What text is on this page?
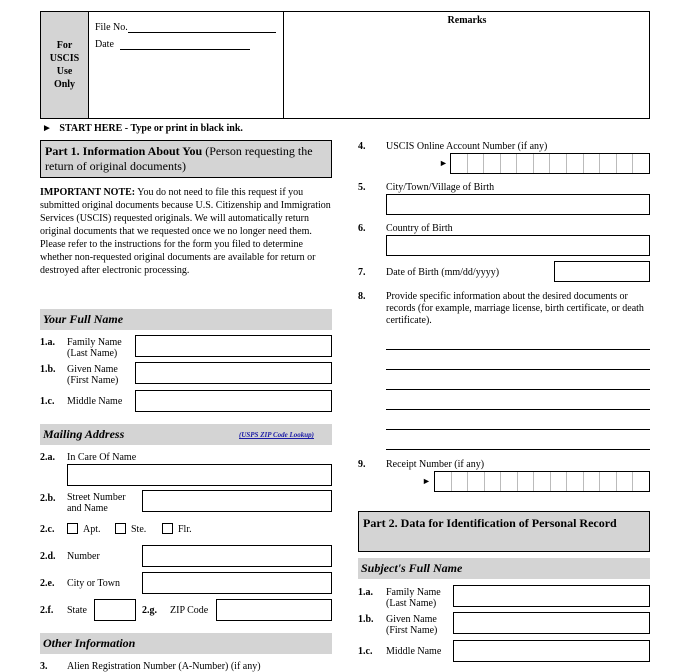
For
USCIS
Use
Only
File No.
Date
Remarks
►   START HERE - Type or print in black ink.
Part 1. Information About You (Person requesting the return of original documents)
IMPORTANT NOTE: You do not need to file this request if you submitted original documents because U.S. Citizenship and Immigration Services (USCIS) requested originals. We will automatically return original documents that we requested once we no longer need them. Please refer to the instructions for the form you filed to determine whether non-requested original documents are available for return or destroyed after electronic processing.
Your Full Name
1.a. Family Name
(Last Name)
1.b. Given Name
(First Name)
1.c. Middle Name
Mailing Address	(USPS ZIP Code Lookup)
2.a. In Care Of Name
2.b. Street Number
and Name
2.c.	Apt.	Ste.	Flr.
2.d. Number
2.e. City or Town
2.f. State	2.g. ZIP Code
Other Information
3. Alien Registration Number (A-Number) (if any)
4. USCIS Online Account Number (if any)
►
5. City/Town/Village of Birth
6. Country of Birth
7. Date of Birth (mm/dd/yyyy)
8. Provide specific information about the desired documents or records (for example, marriage license, birth certificate, or death certificate).
9. Receipt Number (if any)
►
Part 2. Data for Identification of Personal Record
Subject's Full Name
1.a. Family Name
(Last Name)
1.b. Given Name
(First Name)
1.c. Middle Name
